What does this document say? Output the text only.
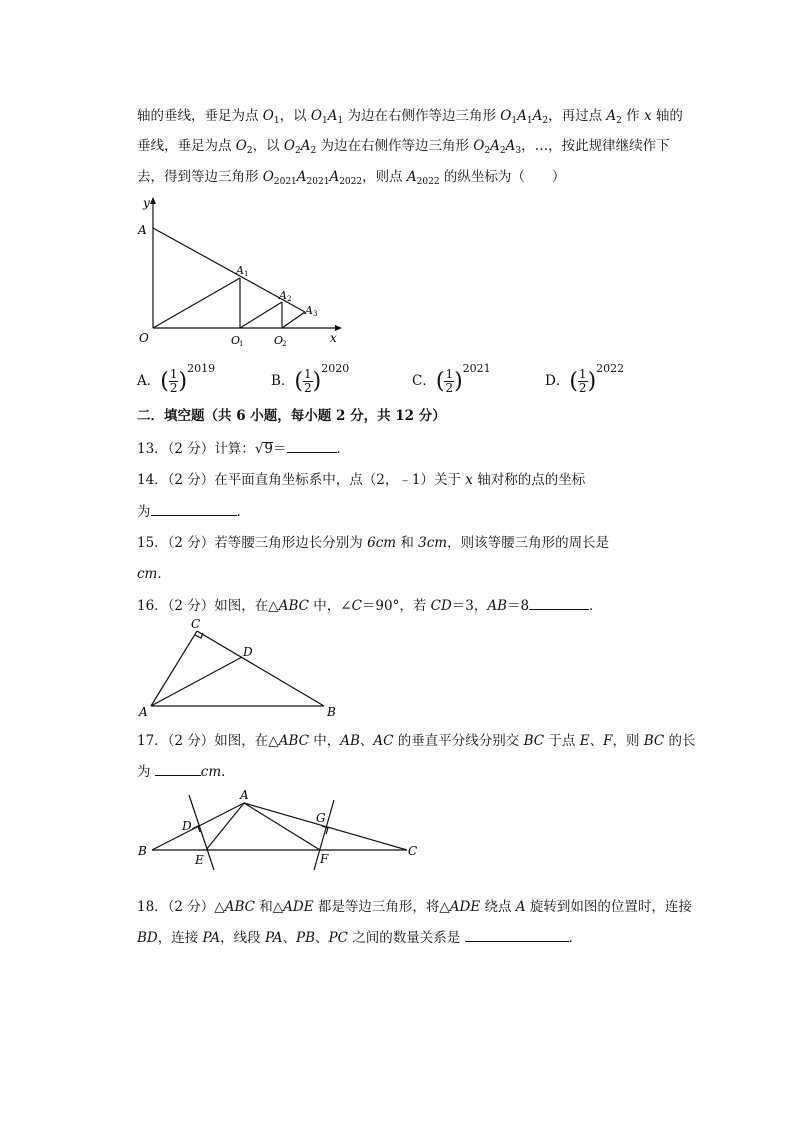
轴的垂线，垂足为点 $O_1$，以 $O_1A_1$ 为边在右侧作等边三角形 $O_1A_1A_2$，再过点 $A_2$ 作 x 轴的
垂线，垂足为点 $O_2$，以 $O_2A_2$ 为边在右侧作等边三角形 $O_2A_2A_3$，…，按此规律继续作下
去，得到等边三角形 $O_{2021}A_{2021}A_{2022}$，则点 $A_{2022}$ 的纵坐标为（　　）
y
x
A
O
A 1
A 2
A 3
O
1	O
2
A．( $\frac{1}{2} )^{2019}$
B．( $\frac{1}{2} )^{2020}$
C．( $\frac{1}{2} )^{2021}$
D．( $\frac{1}{2} )^{2022}$
二．填空题（共 6 小题，每小题 2 分，共 12 分）
13．（2 分）计算：√9＝	．
14．（2 分）在平面直角坐标系中，点（2，﹣1）关于 x 轴对称的点的坐标
为	．
15．（2 分）若等腰三角形边长分别为 6cm 和 3cm，则该等腰三角形的周长是
cm．
16．（2 分）如图，在△ABC 中，∠C＝90°，若 CD＝3，AB＝8	．
C
D
A	B
17．（2 分）如图，在△ABC 中，AB、AC 的垂直平分线分别交 BC 于点 E、F，则 BC 的长
为	cm．
A
B	C
D
E	F
G
18．（2 分）△ABC 和△ADE 都是等边三角形，将△ADE 绕点 A 旋转到如图的位置时，连接
BD，连接 PA，线段 PA、PB、PC 之间的数量关系是	．
